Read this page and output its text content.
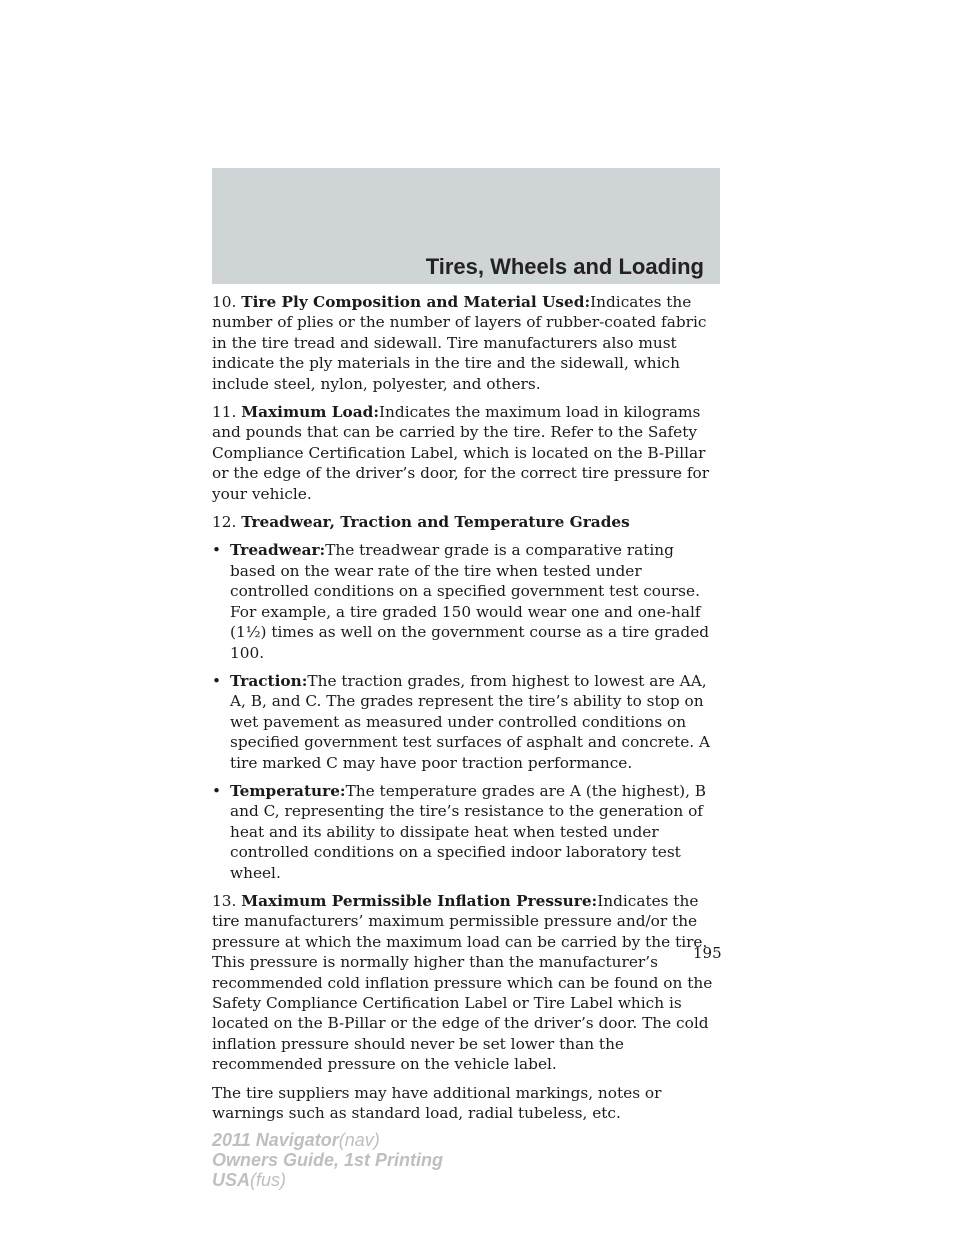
Tires, Wheels and Loading

10. Tire Ply Composition and Material Used:Indicates the number of plies or the number of layers of rubber-coated fabric in the tire tread and sidewall. Tire manufacturers also must indicate the ply materials in the tire and the sidewall, which include steel, nylon, polyester, and others.

11. Maximum Load:Indicates the maximum load in kilograms and pounds that can be carried by the tire. Refer to the Safety Compliance Certification Label, which is located on the B-Pillar or the edge of the driver’s door, for the correct tire pressure for your vehicle.

12. Treadwear, Traction and Temperature Grades

• Treadwear:The treadwear grade is a comparative rating based on the wear rate of the tire when tested under controlled conditions on a specified government test course. For example, a tire graded 150 would wear one and one-half (1½) times as well on the government course as a tire graded 100.
• Traction:The traction grades, from highest to lowest are AA, A, B, and C. The grades represent the tire’s ability to stop on wet pavement as measured under controlled conditions on specified government test surfaces of asphalt and concrete. A tire marked C may have poor traction performance.
• Temperature:The temperature grades are A (the highest), B and C, representing the tire’s resistance to the generation of heat and its ability to dissipate heat when tested under controlled conditions on a specified indoor laboratory test wheel.

13. Maximum Permissible Inflation Pressure:Indicates the tire manufacturers’ maximum permissible pressure and/or the pressure at which the maximum load can be carried by the tire. This pressure is normally higher than the manufacturer’s recommended cold inflation pressure which can be found on the Safety Compliance Certification Label or Tire Label which is located on the B-Pillar or the edge of the driver’s door. The cold inflation pressure should never be set lower than the recommended pressure on the vehicle label.

The tire suppliers may have additional markings, notes or warnings such as standard load, radial tubeless, etc.

195
2011 Navigator(nav)
Owners Guide, 1st Printing
USA(fus)
